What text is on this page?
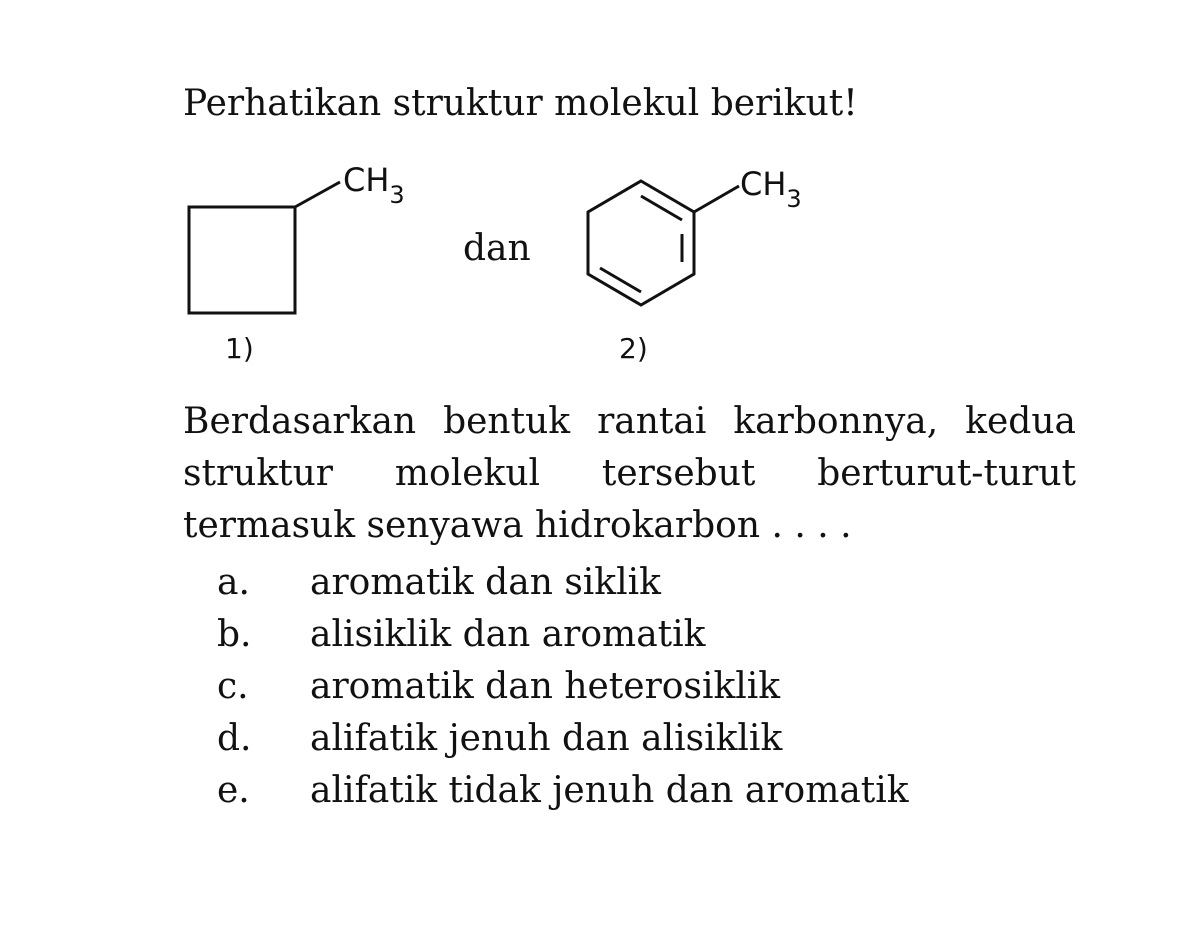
Perhatikan struktur molekul berikut!
$CH_3$
1)
dan
$CH_3$
2)
Berdasarkan bentuk rantai karbonnya, kedua
struktur molekul tersebut berturut-turut
termasuk senyawa hidrokarbon . . . .
a.	aromatik dan siklik
b.	alisiklik dan aromatik
c.	aromatik dan heterosiklik
d.	alifatik jenuh dan alisiklik
e.	alifatik tidak jenuh dan aromatik
